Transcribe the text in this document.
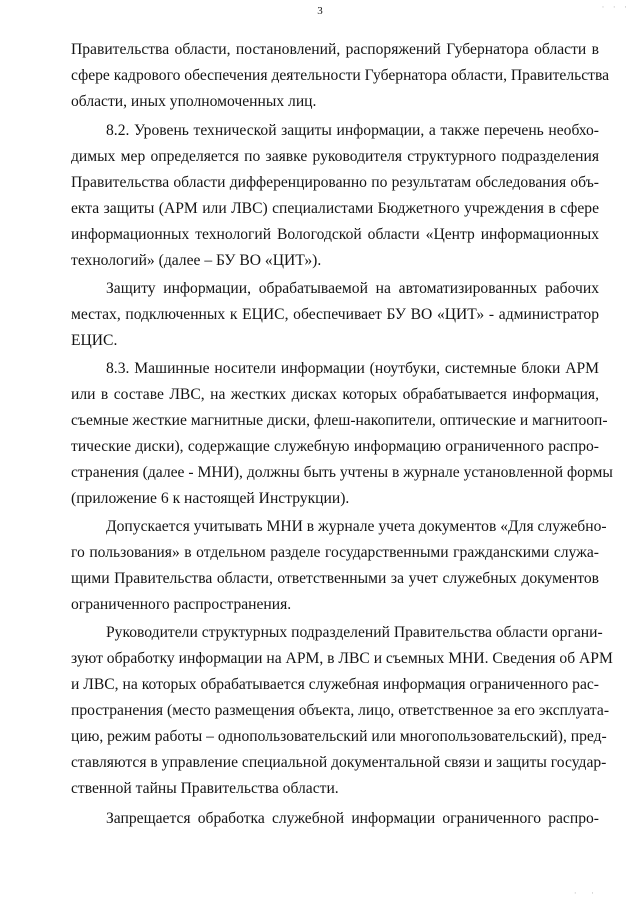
· · ·
3
Правительства области, постановлений, распоряжений Губернатора области в
сфере кадрового обеспечения деятельности Губернатора области, Правительства
области, иных уполномоченных лиц.
8.2. Уровень технической защиты информации, а также перечень необхо-
димых мер определяется по заявке руководителя структурного подразделения
Правительства области дифференцированно по результатам обследования объ-
екта защиты (АРМ или ЛВС) специалистами Бюджетного учреждения в сфере
информационных технологий Вологодской области «Центр информационных
технологий» (далее – БУ ВО «ЦИТ»).
Защиту информации, обрабатываемой на автоматизированных рабочих
местах, подключенных к ЕЦИС, обеспечивает БУ ВО «ЦИТ» - администратор
ЕЦИС.
8.3. Машинные носители информации (ноутбуки, системные блоки АРМ
или в составе ЛВС, на жестких дисках которых обрабатывается информация,
съемные жесткие магнитные диски, флеш-накопители, оптические и магнитооп-
тические диски), содержащие служебную информацию ограниченного распро-
странения (далее - МНИ), должны быть учтены в журнале установленной формы
(приложение 6 к настоящей Инструкции).
Допускается учитывать МНИ в журнале учета документов «Для служебно-
го пользования» в отдельном разделе государственными гражданскими служа-
щими Правительства области, ответственными за учет служебных документов
ограниченного распространения.
Руководители структурных подразделений Правительства области органи-
зуют обработку информации на АРМ, в ЛВС и съемных МНИ. Сведения об АРМ
и ЛВС, на которых обрабатывается служебная информация ограниченного рас-
пространения (место размещения объекта, лицо, ответственное за его эксплуата-
цию, режим работы – однопользовательский или многопользовательский), пред-
ставляются в управление специальной документальной связи и защиты государ-
ственной тайны Правительства области.
Запрещается обработка служебной информации ограниченного распро-
· ·
